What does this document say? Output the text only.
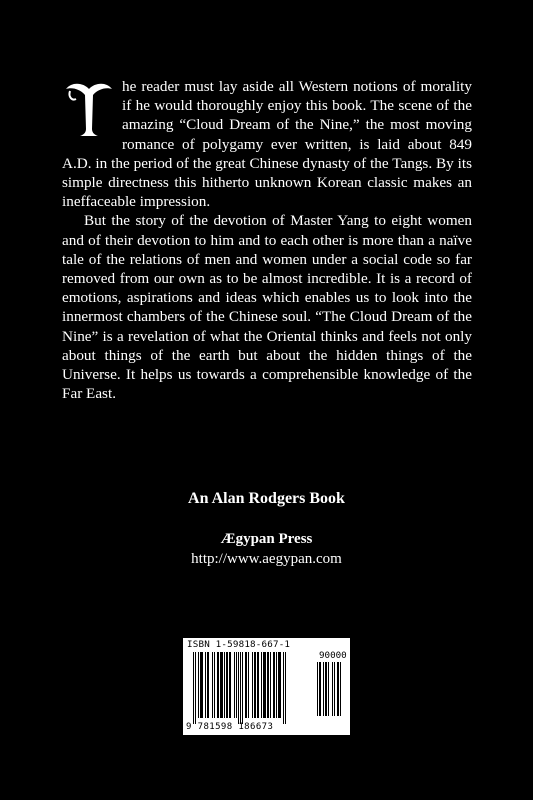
he reader must lay aside all Western notions of morality if he would thoroughly enjoy this book. The scene of the amazing “Cloud Dream of the Nine,” the most moving romance of polygamy ever written, is laid about 849 A.D. in the period of the great Chinese dynasty of the Tangs. By its simple directness this hitherto unknown Korean classic makes an ineffaceable impression.

But the story of the devotion of Master Yang to eight women and of their devotion to him and to each other is more than a naïve tale of the relations of men and women under a social code so far removed from our own as to be almost incredible. It is a record of emotions, aspirations and ideas which enables us to look into the innermost chambers of the Chinese soul. “The Cloud Dream of the Nine” is a revelation of what the Oriental thinks and feels not only about things of the earth but about the hidden things of the Universe. It helps us towards a comprehensible knowledge of the Far East.

An Alan Rodgers Book
Ægypan Press
http://www.aegypan.com
ISBN 1-59818-667-1
90000
9 781598 186673
